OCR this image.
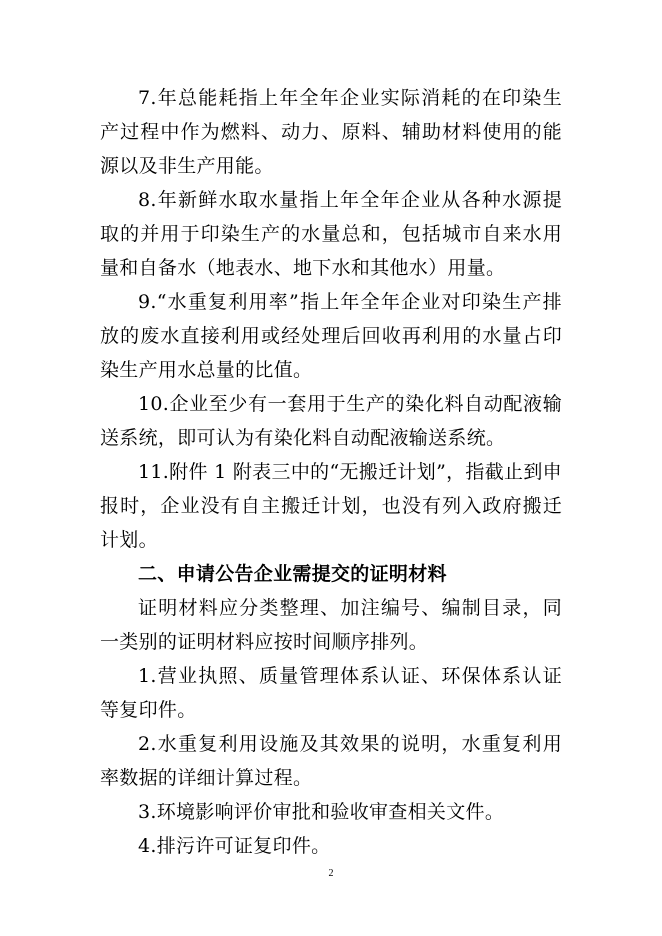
7.年总能耗指上年全年企业实际消耗的在印染生产过程中作为燃料、动力、原料、辅助材料使用的能源以及非生产用能。

8.年新鲜水取水量指上年全年企业从各种水源提取的并用于印染生产的水量总和，包括城市自来水用量和自备水（地表水、地下水和其他水）用量。

9.“水重复利用率”指上年全年企业对印染生产排放的废水直接利用或经处理后回收再利用的水量占印染生产用水总量的比值。

10.企业至少有一套用于生产的染化料自动配液输送系统，即可认为有染化料自动配液输送系统。

11.附件 1 附表三中的“无搬迁计划”，指截止到申报时，企业没有自主搬迁计划，也没有列入政府搬迁计划。

二、申请公告企业需提交的证明材料

证明材料应分类整理、加注编号、编制目录，同一类别的证明材料应按时间顺序排列。

1.营业执照、质量管理体系认证、环保体系认证等复印件。

2.水重复利用设施及其效果的说明，水重复利用率数据的详细计算过程。

3.环境影响评价审批和验收审查相关文件。

4.排污许可证复印件。

2
